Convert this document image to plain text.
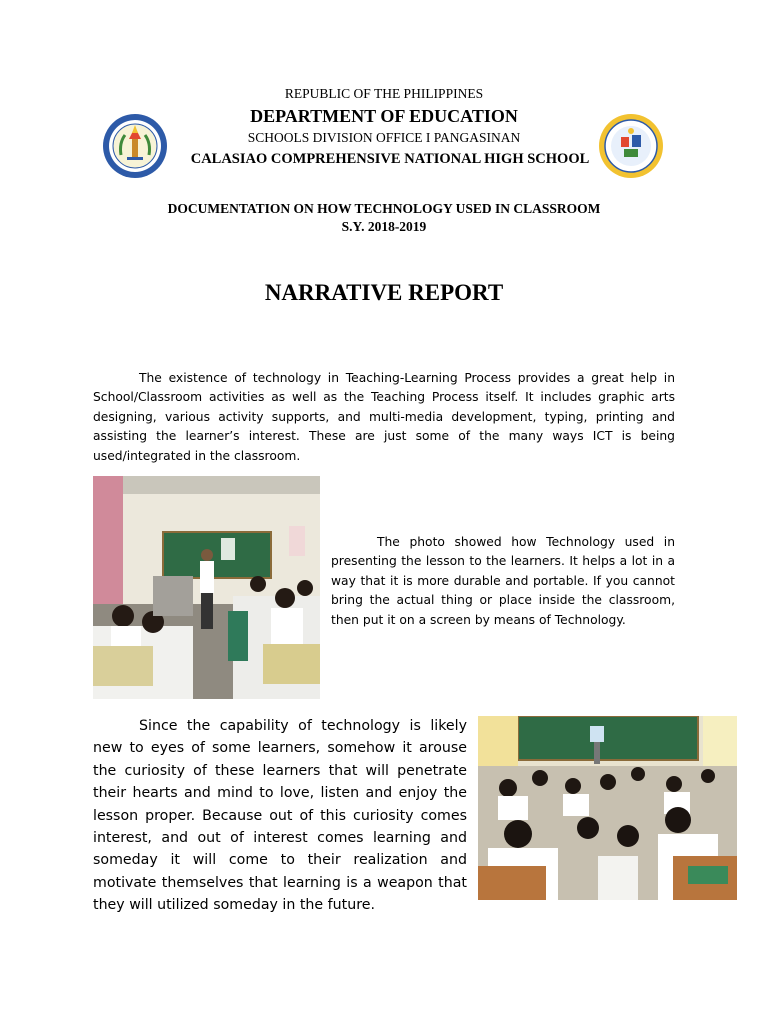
REPUBLIC OF THE PHILIPPINES
DEPARTMENT OF EDUCATION
SCHOOLS DIVISION OFFICE I PANGASINAN
CALASIAO COMPREHENSIVE NATIONAL HIGH SCHOOL
DOCUMENTATION ON HOW TECHNOLOGY USED IN CLASSROOM
S.Y. 2018-2019
NARRATIVE REPORT

The existence of technology in Teaching-Learning Process provides a great help in School/Classroom activities as well as the Teaching Process itself. It includes graphic arts designing, various activity supports, and multi-media development, typing, printing and assisting the learner’s interest. These are just some of the many ways ICT is being used/integrated in the classroom.

The photo showed how Technology used in presenting the lesson to the learners. It helps a lot in a way that it is more durable and portable. If you cannot bring the actual thing or place inside the classroom, then put it on a screen by means of Technology.

Since the capability of technology is likely new to eyes of some learners, somehow it arouse the curiosity of these learners that will penetrate their hearts and mind to love, listen and enjoy the lesson proper. Because out of this curiosity comes interest, and out of interest comes learning and someday it will come to their realization and motivate themselves that learning is a weapon that they will utilized someday in the future.
